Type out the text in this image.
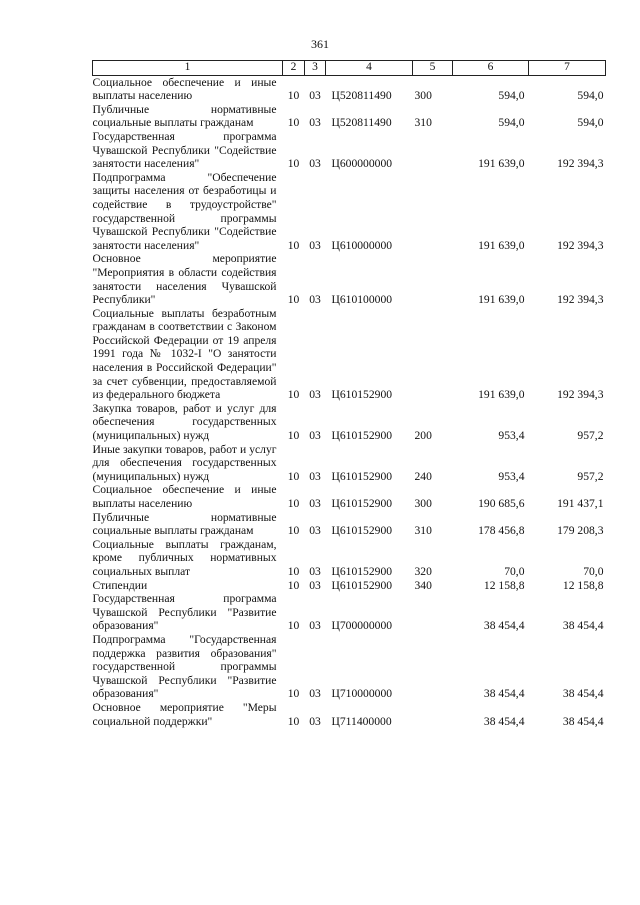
361
1	2	3	4	5	6	7
Социальное обеспечение и иные выплаты населению	10	03	Ц520811490	300	594,0	594,0
Публичные нормативные социальные выплаты гражданам	10	03	Ц520811490	310	594,0	594,0
Государственная программа Чувашской Республики "Содействие занятости населения"	10	03	Ц600000000		191 639,0	192 394,3
Подпрограмма "Обеспечение защиты населения от безработицы и содействие в трудоустройстве" государственной программы Чувашской Республики "Содействие занятости населения"	10	03	Ц610000000		191 639,0	192 394,3
Основное мероприятие "Мероприятия в области содействия занятости населения Чувашской Республики"	10	03	Ц610100000		191 639,0	192 394,3
Социальные выплаты безработным гражданам в соответствии с Законом Российской Федерации от 19 апреля 1991 года № 1032-I "О занятости населения в Российской Федерации" за счет субвенции, предоставляемой из федерального бюджета	10	03	Ц610152900		191 639,0	192 394,3
Закупка товаров, работ и услуг для обеспечения государственных (муниципальных) нужд	10	03	Ц610152900	200	953,4	957,2
Иные закупки товаров, работ и услуг для обеспечения государственных (муниципальных) нужд	10	03	Ц610152900	240	953,4	957,2
Социальное обеспечение и иные выплаты населению	10	03	Ц610152900	300	190 685,6	191 437,1
Публичные нормативные социальные выплаты гражданам	10	03	Ц610152900	310	178 456,8	179 208,3
Социальные выплаты гражданам, кроме публичных нормативных социальных выплат	10	03	Ц610152900	320	70,0	70,0
Стипендии	10	03	Ц610152900	340	12 158,8	12 158,8
Государственная программа Чувашской Республики "Развитие образования"	10	03	Ц700000000		38 454,4	38 454,4
Подпрограмма "Государственная поддержка развития образования" государственной программы Чувашской Республики "Развитие образования"	10	03	Ц710000000		38 454,4	38 454,4
Основное мероприятие "Меры социальной поддержки"	10	03	Ц711400000		38 454,4	38 454,4
